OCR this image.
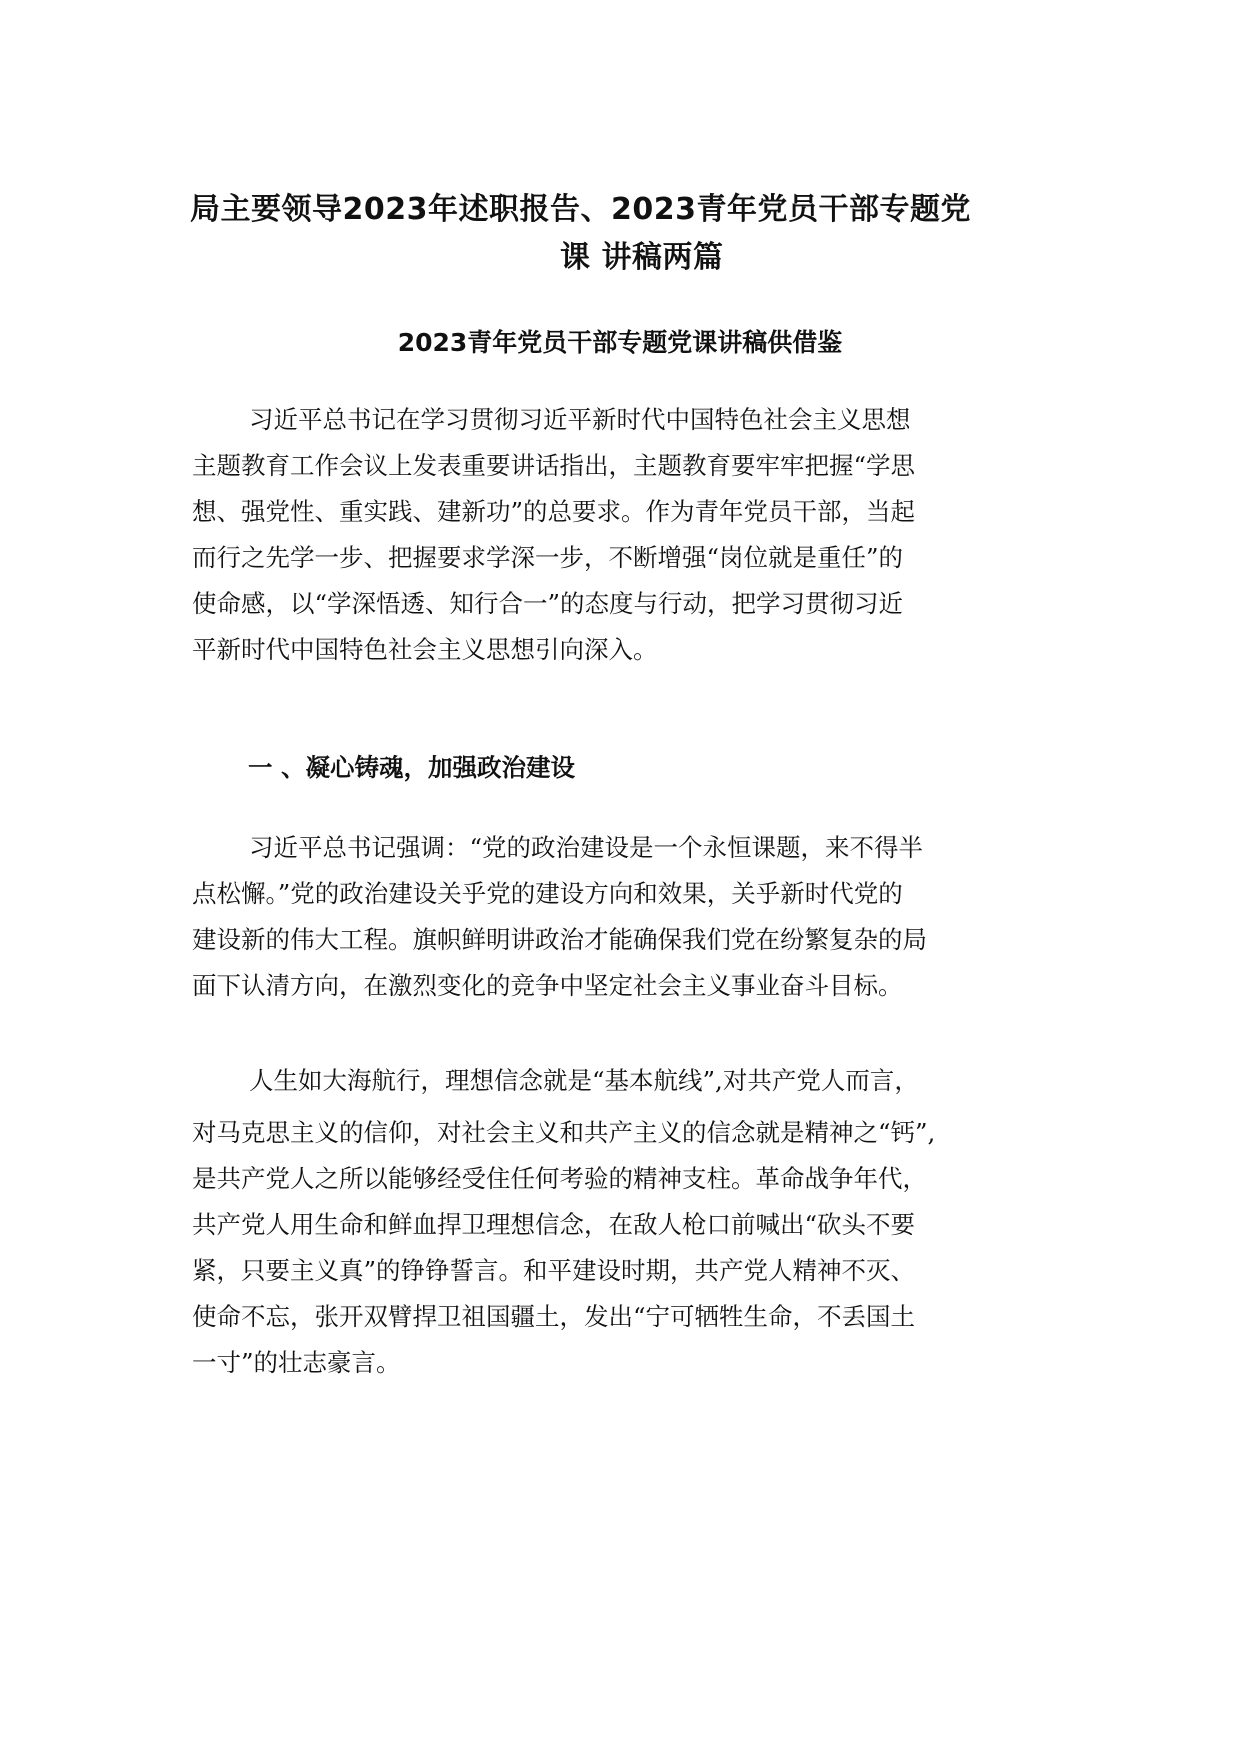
局主要领导2023年述职报告、2023青年党员干部专题党
课 讲稿两篇
2023青年党员干部专题党课讲稿供借鉴

习近平总书记在学习贯彻习近平新时代中国特色社会主义思想
主题教育工作会议上发表重要讲话指出，主题教育要牢牢把握“学思
想、强党性、重实践、建新功”的总要求。作为青年党员干部，当起
而行之先学一步、把握要求学深一步，不断增强“岗位就是重任”的
使命感，以“学深悟透、知行合一”的态度与行动，把学习贯彻习近
平新时代中国特色社会主义思想引向深入。

一 、凝心铸魂，加强政治建设

习近平总书记强调：“党的政治建设是一个永恒课题，来不得半
点松懈。”党的政治建设关乎党的建设方向和效果，关乎新时代党的
建设新的伟大工程。旗帜鲜明讲政治才能确保我们党在纷繁复杂的局
面下认清方向，在激烈变化的竞争中坚定社会主义事业奋斗目标。

人生如大海航行，理想信念就是“基本航线”,对共产党人而言，
对马克思主义的信仰，对社会主义和共产主义的信念就是精神之“钙”,
是共产党人之所以能够经受住任何考验的精神支柱。革命战争年代，
共产党人用生命和鲜血捍卫理想信念，在敌人枪口前喊出“砍头不要
紧，只要主义真”的铮铮誓言。和平建设时期，共产党人精神不灭、
使命不忘，张开双臂捍卫祖国疆土，发出“宁可牺牲生命，不丢国土
一寸”的壮志豪言。
